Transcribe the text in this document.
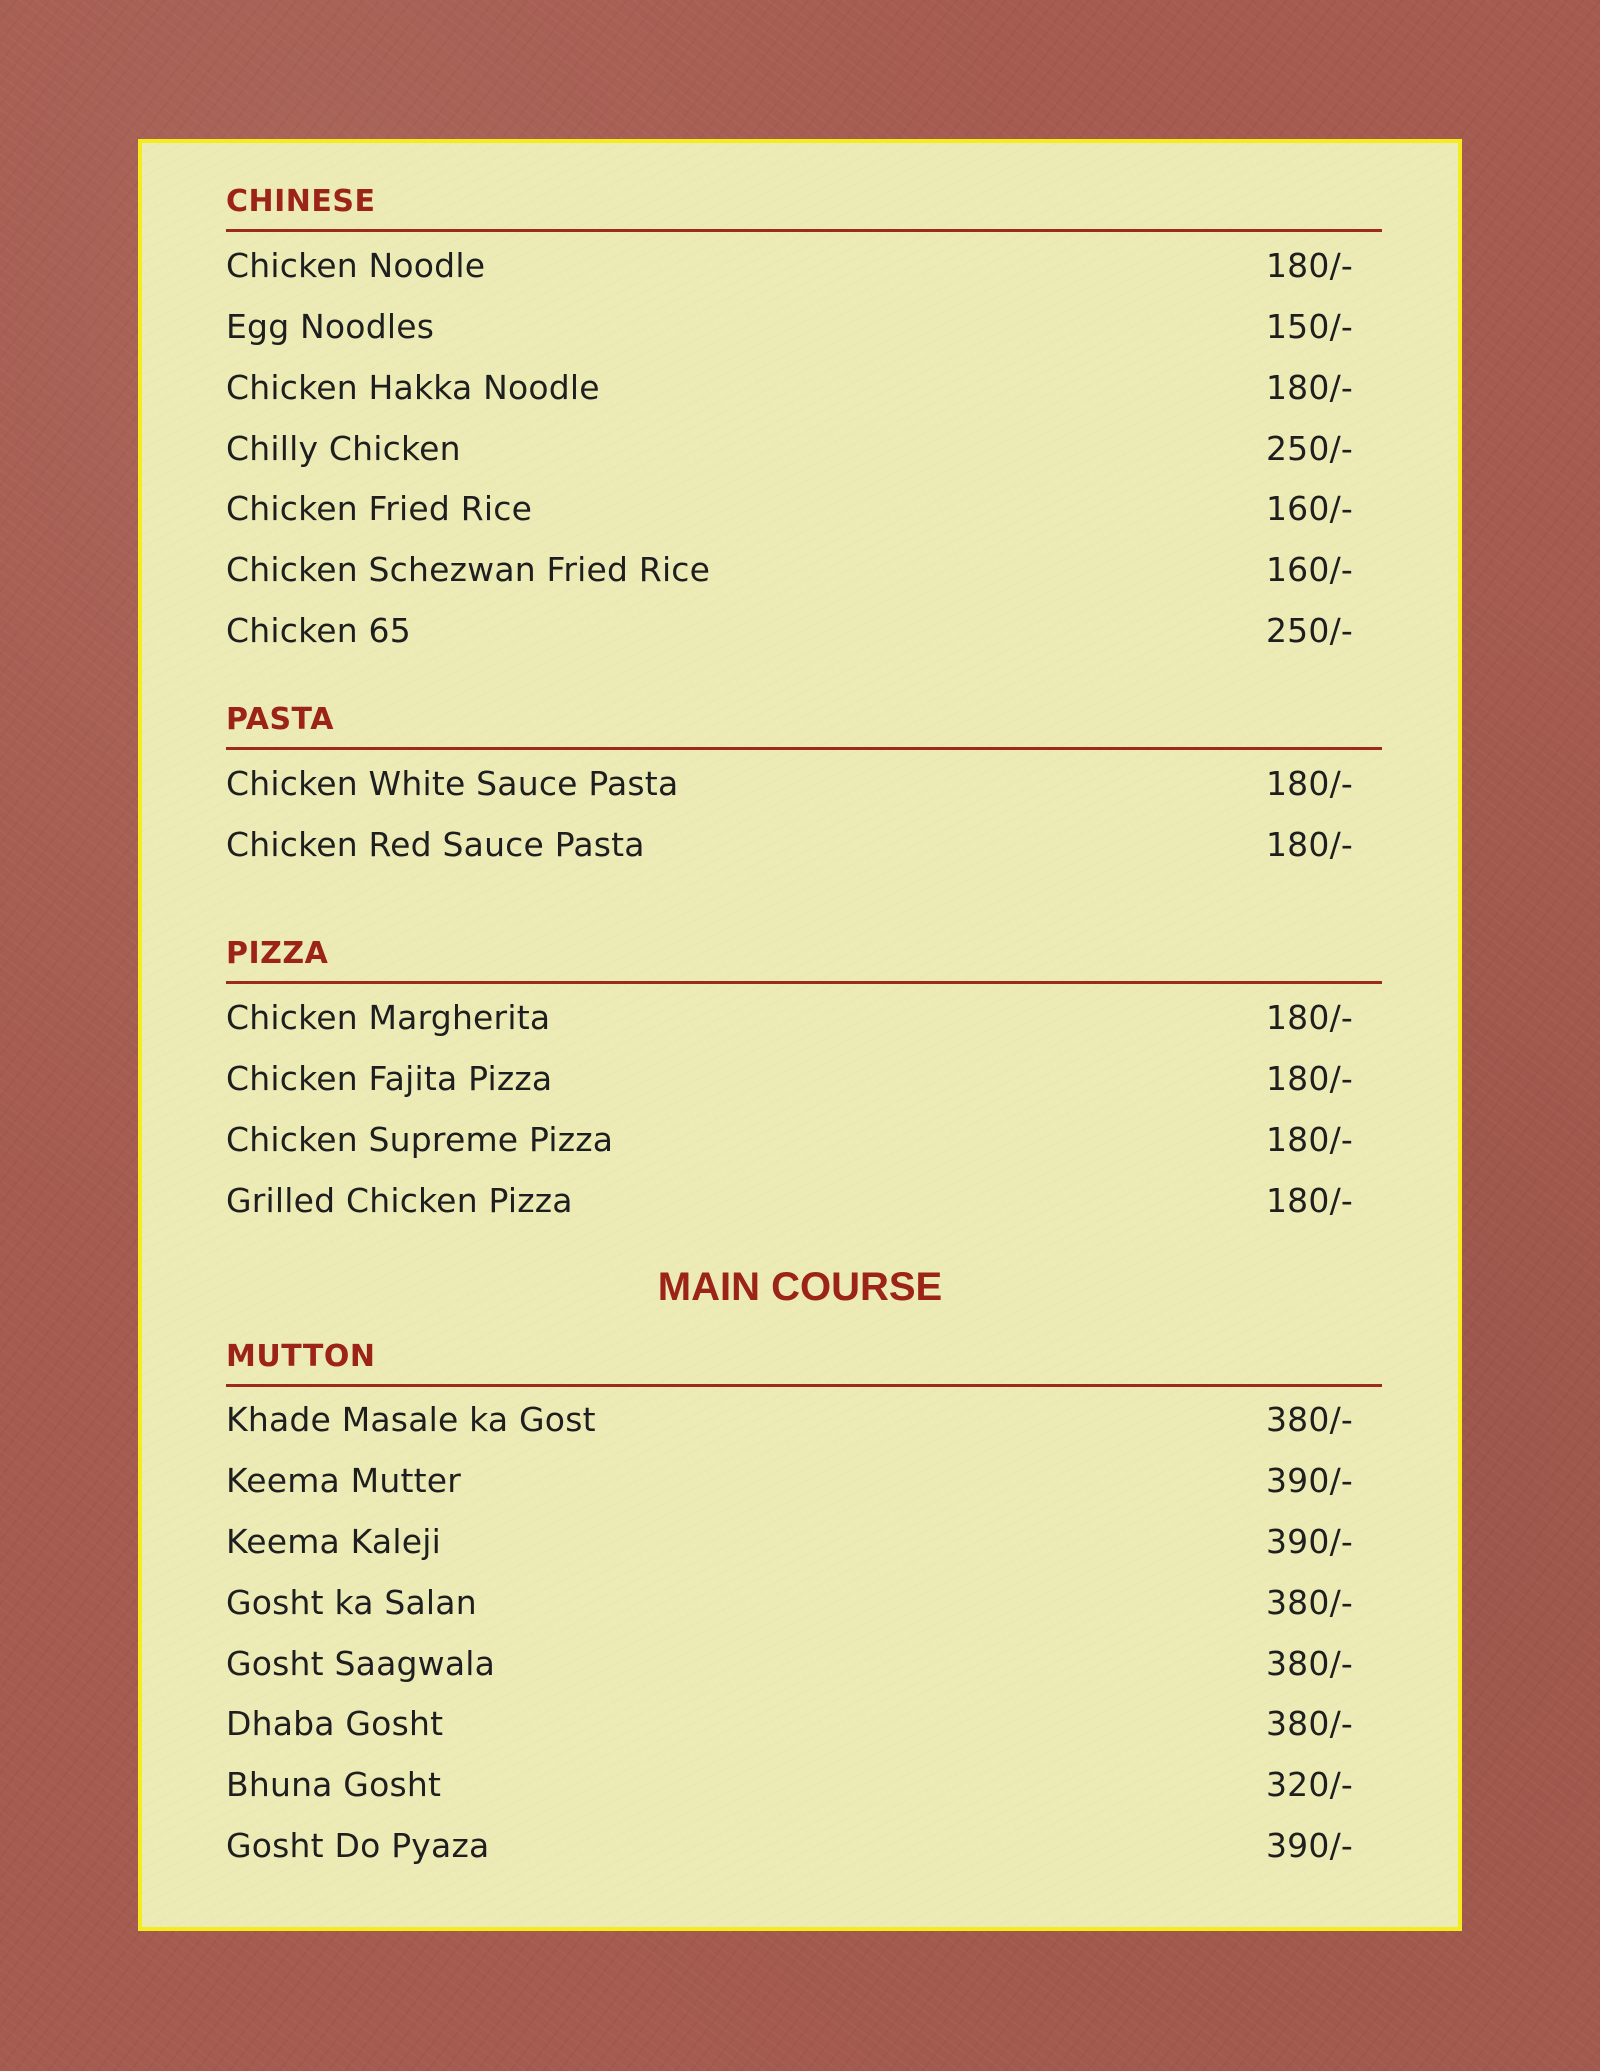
CHINESE
Chicken Noodle	180/-
Egg Noodles	150/-
Chicken Hakka Noodle	180/-
Chilly Chicken	250/-
Chicken Fried Rice	160/-
Chicken Schezwan Fried Rice	160/-
Chicken 65	250/-
PASTA
Chicken White Sauce Pasta	180/-
Chicken Red Sauce Pasta	180/-
PIZZA
Chicken Margherita	180/-
Chicken Fajita Pizza	180/-
Chicken Supreme Pizza	180/-
Grilled Chicken Pizza	180/-
MAIN COURSE
MUTTON
Khade Masale ka Gost	380/-
Keema Mutter	390/-
Keema Kaleji	390/-
Gosht ka Salan	380/-
Gosht Saagwala	380/-
Dhaba Gosht	380/-
Bhuna Gosht	320/-
Gosht Do Pyaza	390/-
